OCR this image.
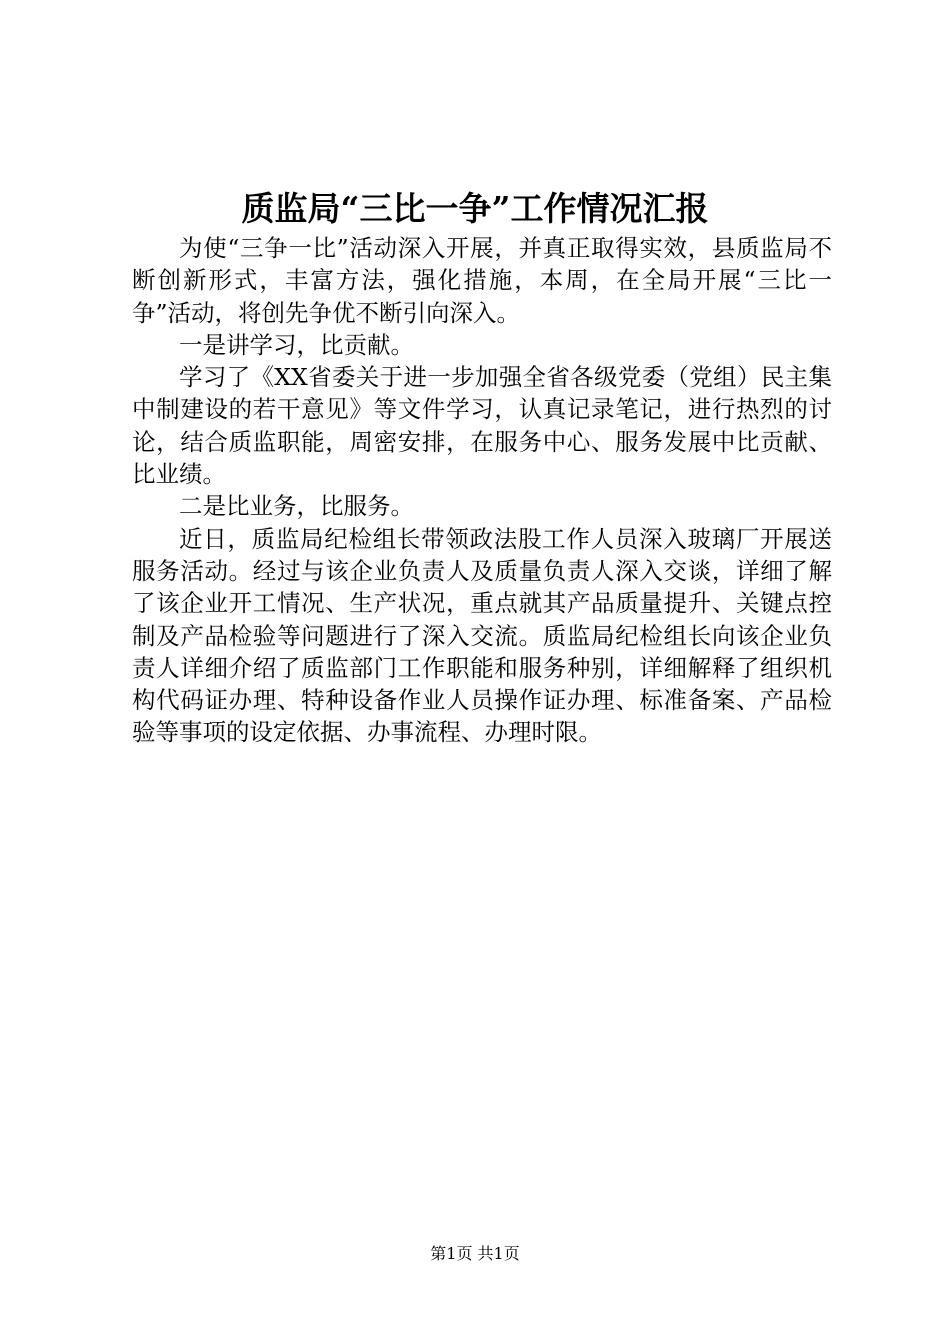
质监局“三比一争”工作情况汇报

为使“三争一比”活动深入开展，并真正取得实效，县质监局不断创新形式，丰富方法，强化措施，本周，在全局开展“三比一争”活动，将创先争优不断引向深入。

一是讲学习，比贡献。

学习了《XX省委关于进一步加强全省各级党委（党组）民主集中制建设的若干意见》等文件学习，认真记录笔记，进行热烈的讨论，结合质监职能，周密安排，在服务中心、服务发展中比贡献、比业绩。

二是比业务，比服务。

近日，质监局纪检组长带领政法股工作人员深入玻璃厂开展送服务活动。经过与该企业负责人及质量负责人深入交谈，详细了解了该企业开工情况、生产状况，重点就其产品质量提升、关键点控制及产品检验等问题进行了深入交流。质监局纪检组长向该企业负责人详细介绍了质监部门工作职能和服务种别，详细解释了组织机构代码证办理、特种设备作业人员操作证办理、标准备案、产品检验等事项的设定依据、办事流程、办理时限。

第1页 共1页
